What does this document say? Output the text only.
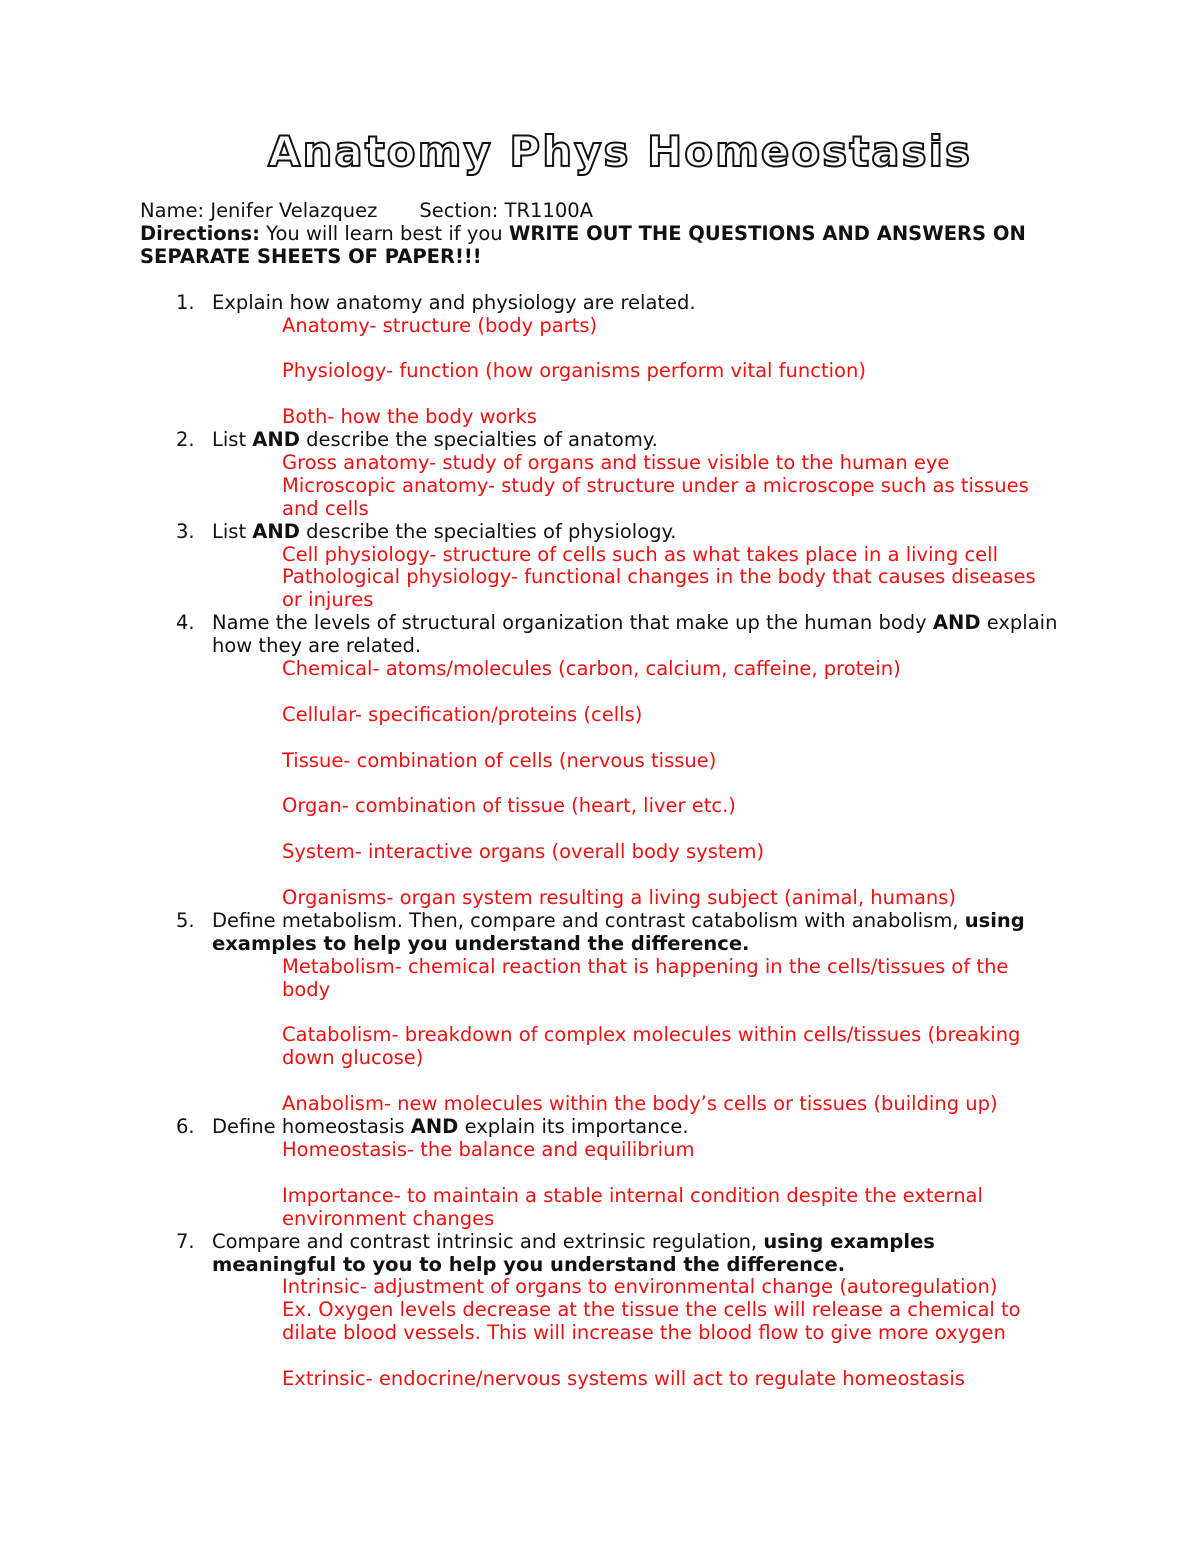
Anatomy Phys Homeostasis

Name: Jenifer Velazquez Section: TR1100A

Directions: You will learn best if you WRITE OUT THE QUESTIONS AND ANSWERS ON SEPARATE SHEETS OF PAPER!!!

1. Explain how anatomy and physiology are related.
Anatomy- structure (body parts)
Physiology- function (how organisms perform vital function)
Both- how the body works
2. List AND describe the specialties of anatomy.
Gross anatomy- study of organs and tissue visible to the human eye
Microscopic anatomy- study of structure under a microscope such as tissues and cells
3. List AND describe the specialties of physiology.
Cell physiology- structure of cells such as what takes place in a living cell
Pathological physiology- functional changes in the body that causes diseases or injures
4. Name the levels of structural organization that make up the human body AND explain how they are related.
Chemical- atoms/molecules (carbon, calcium, caffeine, protein)
Cellular- specification/proteins (cells)
Tissue- combination of cells (nervous tissue)
Organ- combination of tissue (heart, liver etc.)
System- interactive organs (overall body system)
Organisms- organ system resulting a living subject (animal, humans)
5. Define metabolism. Then, compare and contrast catabolism with anabolism, using examples to help you understand the difference.
Metabolism- chemical reaction that is happening in the cells/tissues of the body
Catabolism- breakdown of complex molecules within cells/tissues (breaking down glucose)
Anabolism- new molecules within the body’s cells or tissues (building up)
6. Define homeostasis AND explain its importance.
Homeostasis- the balance and equilibrium
Importance- to maintain a stable internal condition despite the external environment changes
7. Compare and contrast intrinsic and extrinsic regulation, using examples meaningful to you to help you understand the difference.
Intrinsic- adjustment of organs to environmental change (autoregulation)
Ex. Oxygen levels decrease at the tissue the cells will release a chemical to dilate blood vessels. This will increase the blood flow to give more oxygen
Extrinsic- endocrine/nervous systems will act to regulate homeostasis
